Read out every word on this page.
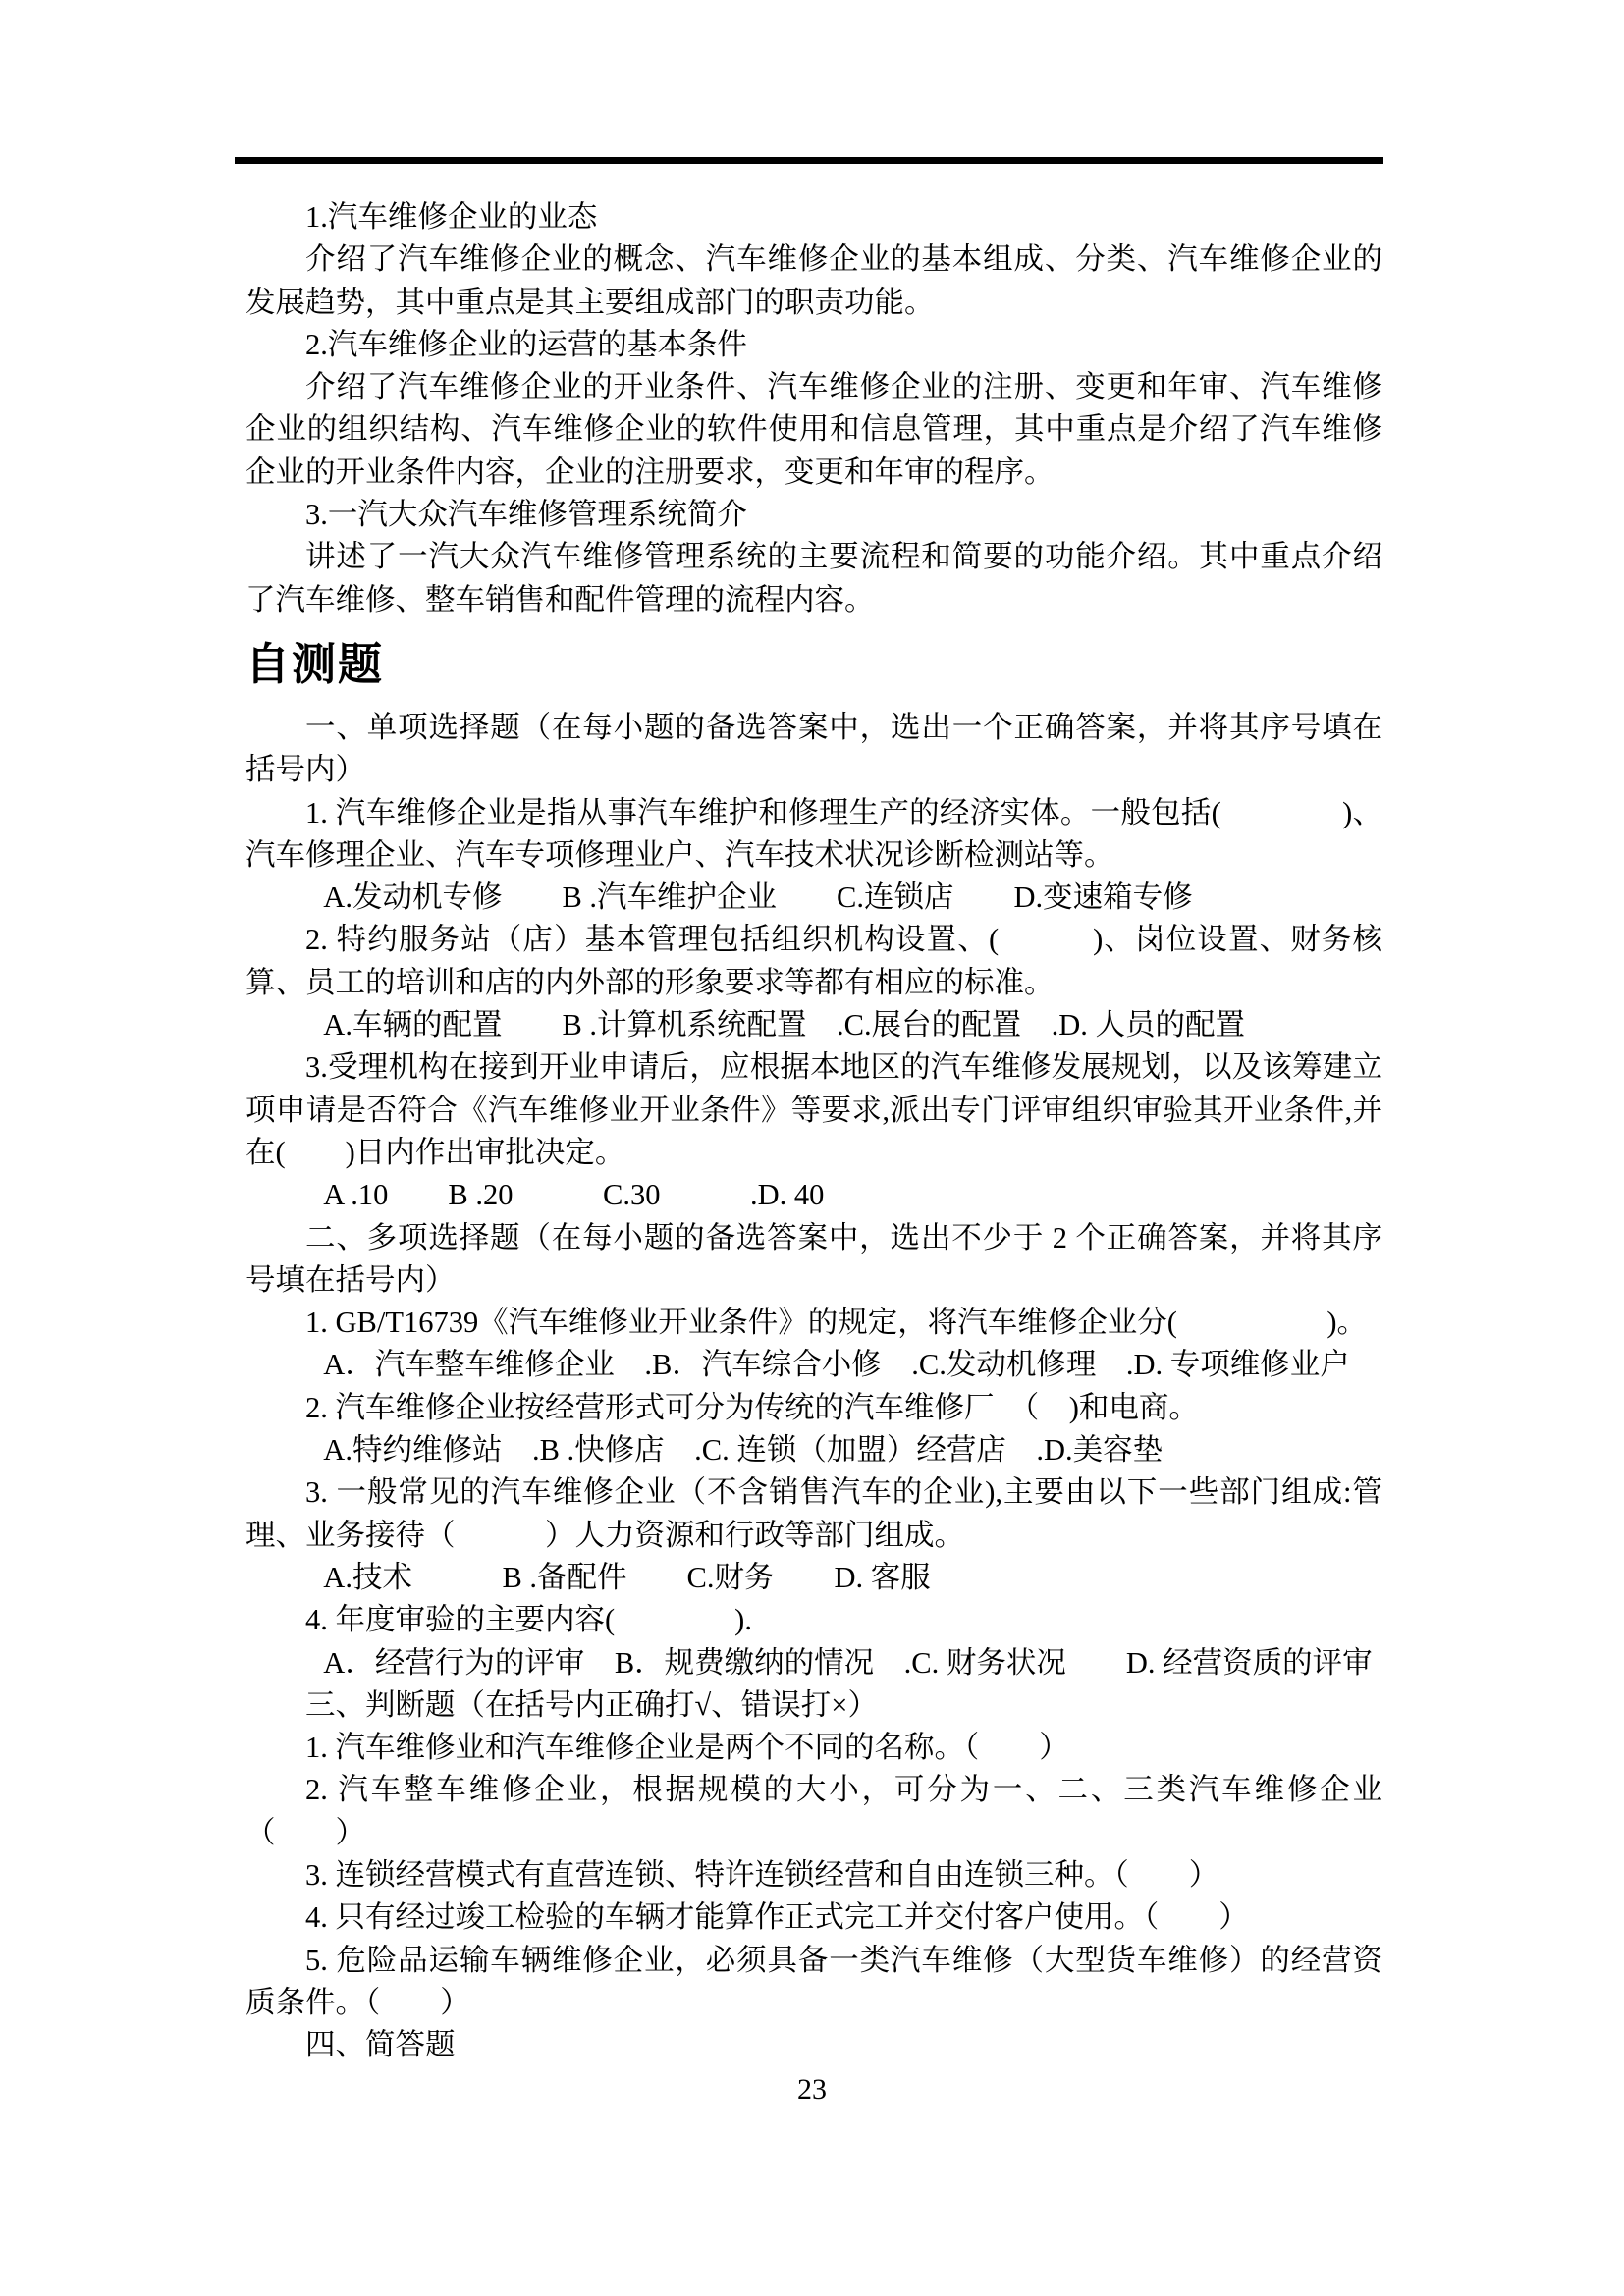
1.汽车维修企业的业态

介绍了汽车维修企业的概念、汽车维修企业的基本组成、分类、汽车维修企业的发展趋势，其中重点是其主要组成部门的职责功能。

2.汽车维修企业的运营的基本条件

介绍了汽车维修企业的开业条件、汽车维修企业的注册、变更和年审、汽车维修企业的组织结构、汽车维修企业的软件使用和信息管理，其中重点是介绍了汽车维修企业的开业条件内容，企业的注册要求，变更和年审的程序。

3.一汽大众汽车维修管理系统简介

讲述了一汽大众汽车维修管理系统的主要流程和简要的功能介绍。其中重点介绍了汽车维修、整车销售和配件管理的流程内容。

自测题

一、单项选择题（在每小题的备选答案中，选出一个正确答案，并将其序号填在括号内）

1. 汽车维修企业是指从事汽车维护和修理生产的经济实体。一般包括(　　　　)、汽车修理企业、汽车专项修理业户、汽车技术状况诊断检测站等。

A.发动机专修　　B .汽车维护企业　　C.连锁店　　D.变速箱专修

2. 特约服务站（店）基本管理包括组织机构设置、(　　　)、岗位设置、财务核算、员工的培训和店的内外部的形象要求等都有相应的标准。

A.车辆的配置　　B .计算机系统配置　.C.展台的配置　.D. 人员的配置

3.受理机构在接到开业申请后，应根据本地区的汽车维修发展规划，以及该筹建立项申请是否符合《汽车维修业开业条件》等要求,派出专门评审组织审验其开业条件,并在(　　)日内作出审批决定。

A .10　　B .20　　　C.30　　　.D. 40

二、多项选择题（在每小题的备选答案中，选出不少于 2 个正确答案，并将其序号填在括号内）

1. GB/T16739《汽车维修业开业条件》的规定，将汽车维修企业分(　　　　　)。

A．汽车整车维修企业　.B．汽车综合小修　.C.发动机修理　.D. 专项维修业户

2. 汽车维修企业按经营形式可分为传统的汽车维修厂　（　)和电商。

A.特约维修站　.B .快修店　.C. 连锁（加盟）经营店　.D.美容垫

3. 一般常见的汽车维修企业（不含销售汽车的企业),主要由以下一些部门组成:管理、业务接待（　　　）人力资源和行政等部门组成。

A.技术　　　B .备配件　　C.财务　　D. 客服

4. 年度审验的主要内容(　　　　).

A．经营行为的评审　B．规费缴纳的情况　.C. 财务状况　　D. 经营资质的评审

三、判断题（在括号内正确打√、错误打×）

1. 汽车维修业和汽车维修企业是两个不同的名称。（　　）

2. 汽车整车维修企业，根据规模的大小，可分为一、二、三类汽车维修企业（　　）

3. 连锁经营模式有直营连锁、特许连锁经营和自由连锁三种。（　　）

4. 只有经过竣工检验的车辆才能算作正式完工并交付客户使用。（　　）

5. 危险品运输车辆维修企业，必须具备一类汽车维修（大型货车维修）的经营资质条件。（　　）

四、简答题

23
